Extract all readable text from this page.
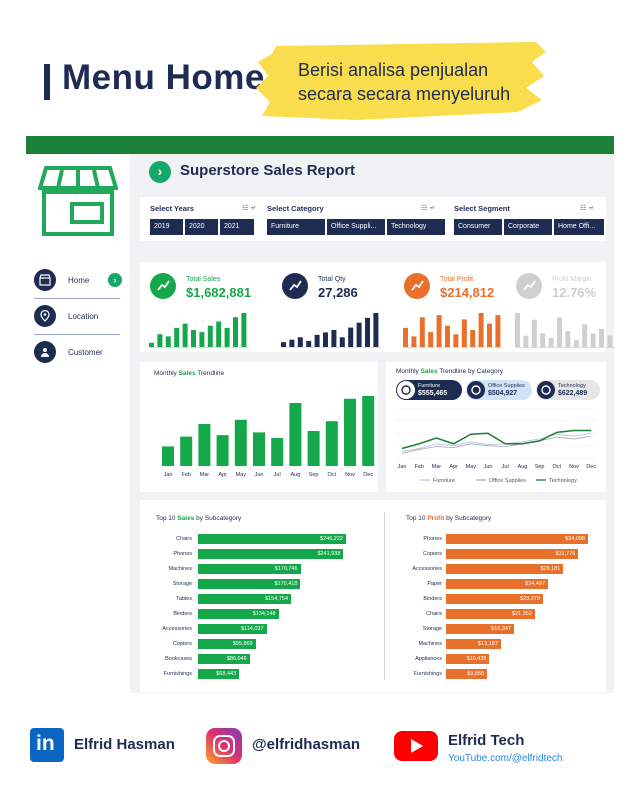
Menu Home Berisi analisa penjualan
secara secara menyeluruh
Home	›
Location
Customer
›	Superstore Sales Report
Select Years	☷ ⩫
2019	2020	2021
Select Category	☷ ⩫
Furniture	Office Suppli...	Technology
Select Segment	☷ ⩫
Consumer	Corporate	Home Offi...
Total Sales
$1,682,881
Total Qty
27,286
Total Profit
$214,812
Profit Margin
12.76%
Monthly Sales Trendline
Jan Feb Mar Apr May Jun Jul Aug Sep Oct Nov Dec
Monthly Sales Trendline by Category
Furniture
$555,465
Office Supplies
$504,927
Technology
$622,489
Jan Feb Mar Apr May Jun Jul Aug Sep Oct Nov Dec
Furniture	Office Supplies	Technology
Top 10 Sales by Subcategory	Top 10 Profit by Subcategory
Chairs	$246,222
Phones	$241,938
Machines	$170,746
Storage	$170,418
Tables	$154,754
Binders	$134,148
Accessories	$114,037
Copiers	$95,869
Bookcases	$86,046
Furnishings	$68,443
Phones	$34,098
Copiers	$31,776
Accessories	$28,181
Paper	$24,497
Binders	$23,279
Chairs	$21,359
Storage	$16,347
Machines	$13,187
Appliances	$10,435
Furnishings	$9,855
in Elfrid Hasman	@elfridhasman	Elfrid Tech
YouTube.com/@elfridtech
